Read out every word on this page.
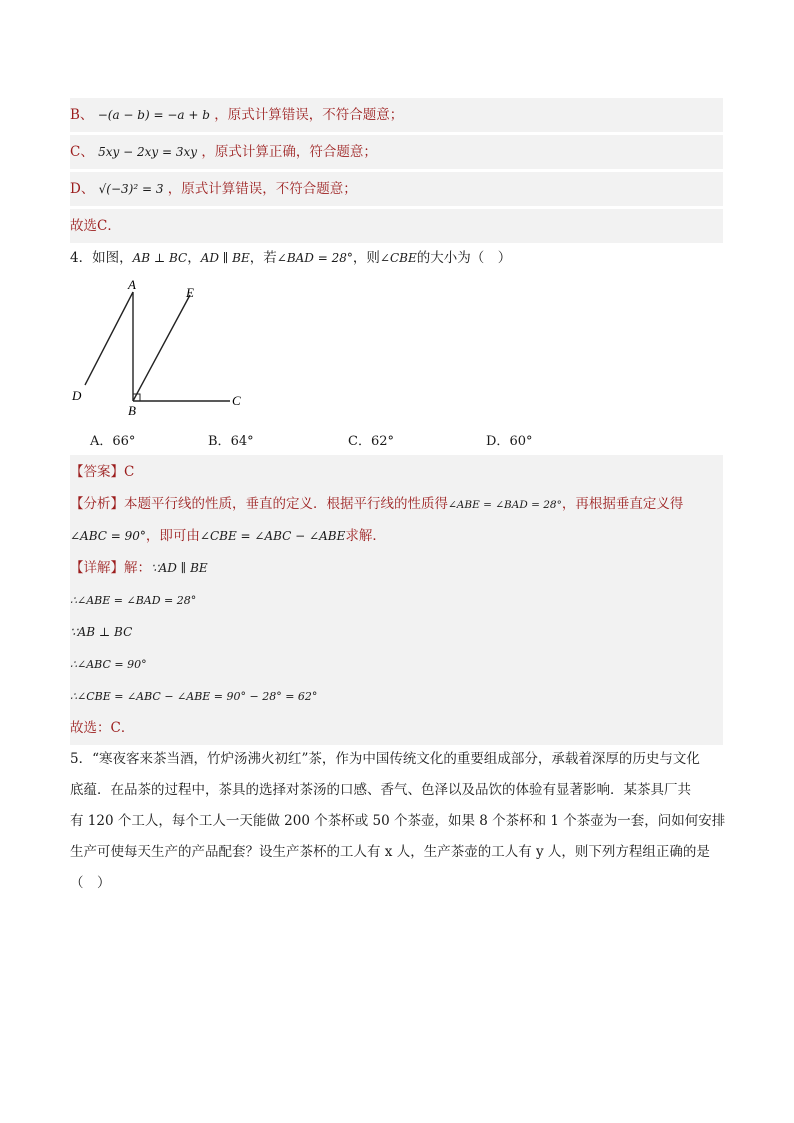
B、 −(a − b) = −a + b ，原式计算错误，不符合题意；
C、 5xy − 2xy = 3xy ，原式计算正确，符合题意；
D、 √(−3)² = 3 ，原式计算错误，不符合题意；
故选C．
4．如图，AB ⊥ BC，AD ∥ BE，若∠BAD = 28°，则∠CBE的大小为（　）
A
E
D
B
C
A．66°	B．64°	C．62°	D．60°
【答案】C
【分析】本题平行线的性质，垂直的定义．根据平行线的性质得∠ABE = ∠BAD = 28°，再根据垂直定义得
∠ABC = 90°，即可由∠CBE = ∠ABC − ∠ABE求解．
【详解】解：∵AD ∥ BE
∴∠ABE = ∠BAD = 28°
∵AB ⊥ BC
∴∠ABC = 90°
∴∠CBE = ∠ABC − ∠ABE = 90° − 28° = 62°
故选：C．
5．“寒夜客来茶当酒，竹炉汤沸火初红”茶，作为中国传统文化的重要组成部分，承载着深厚的历史与文化
底蕴．在品茶的过程中，茶具的选择对茶汤的口感、香气、色泽以及品饮的体验有显著影响．某茶具厂共
有 120 个工人，每个工人一天能做 200 个茶杯或 50 个茶壶，如果 8 个茶杯和 1 个茶壶为一套，问如何安排
生产可使每天生产的产品配套？设生产茶杯的工人有 x 人，生产茶壶的工人有 y 人，则下列方程组正确的是
（　）
